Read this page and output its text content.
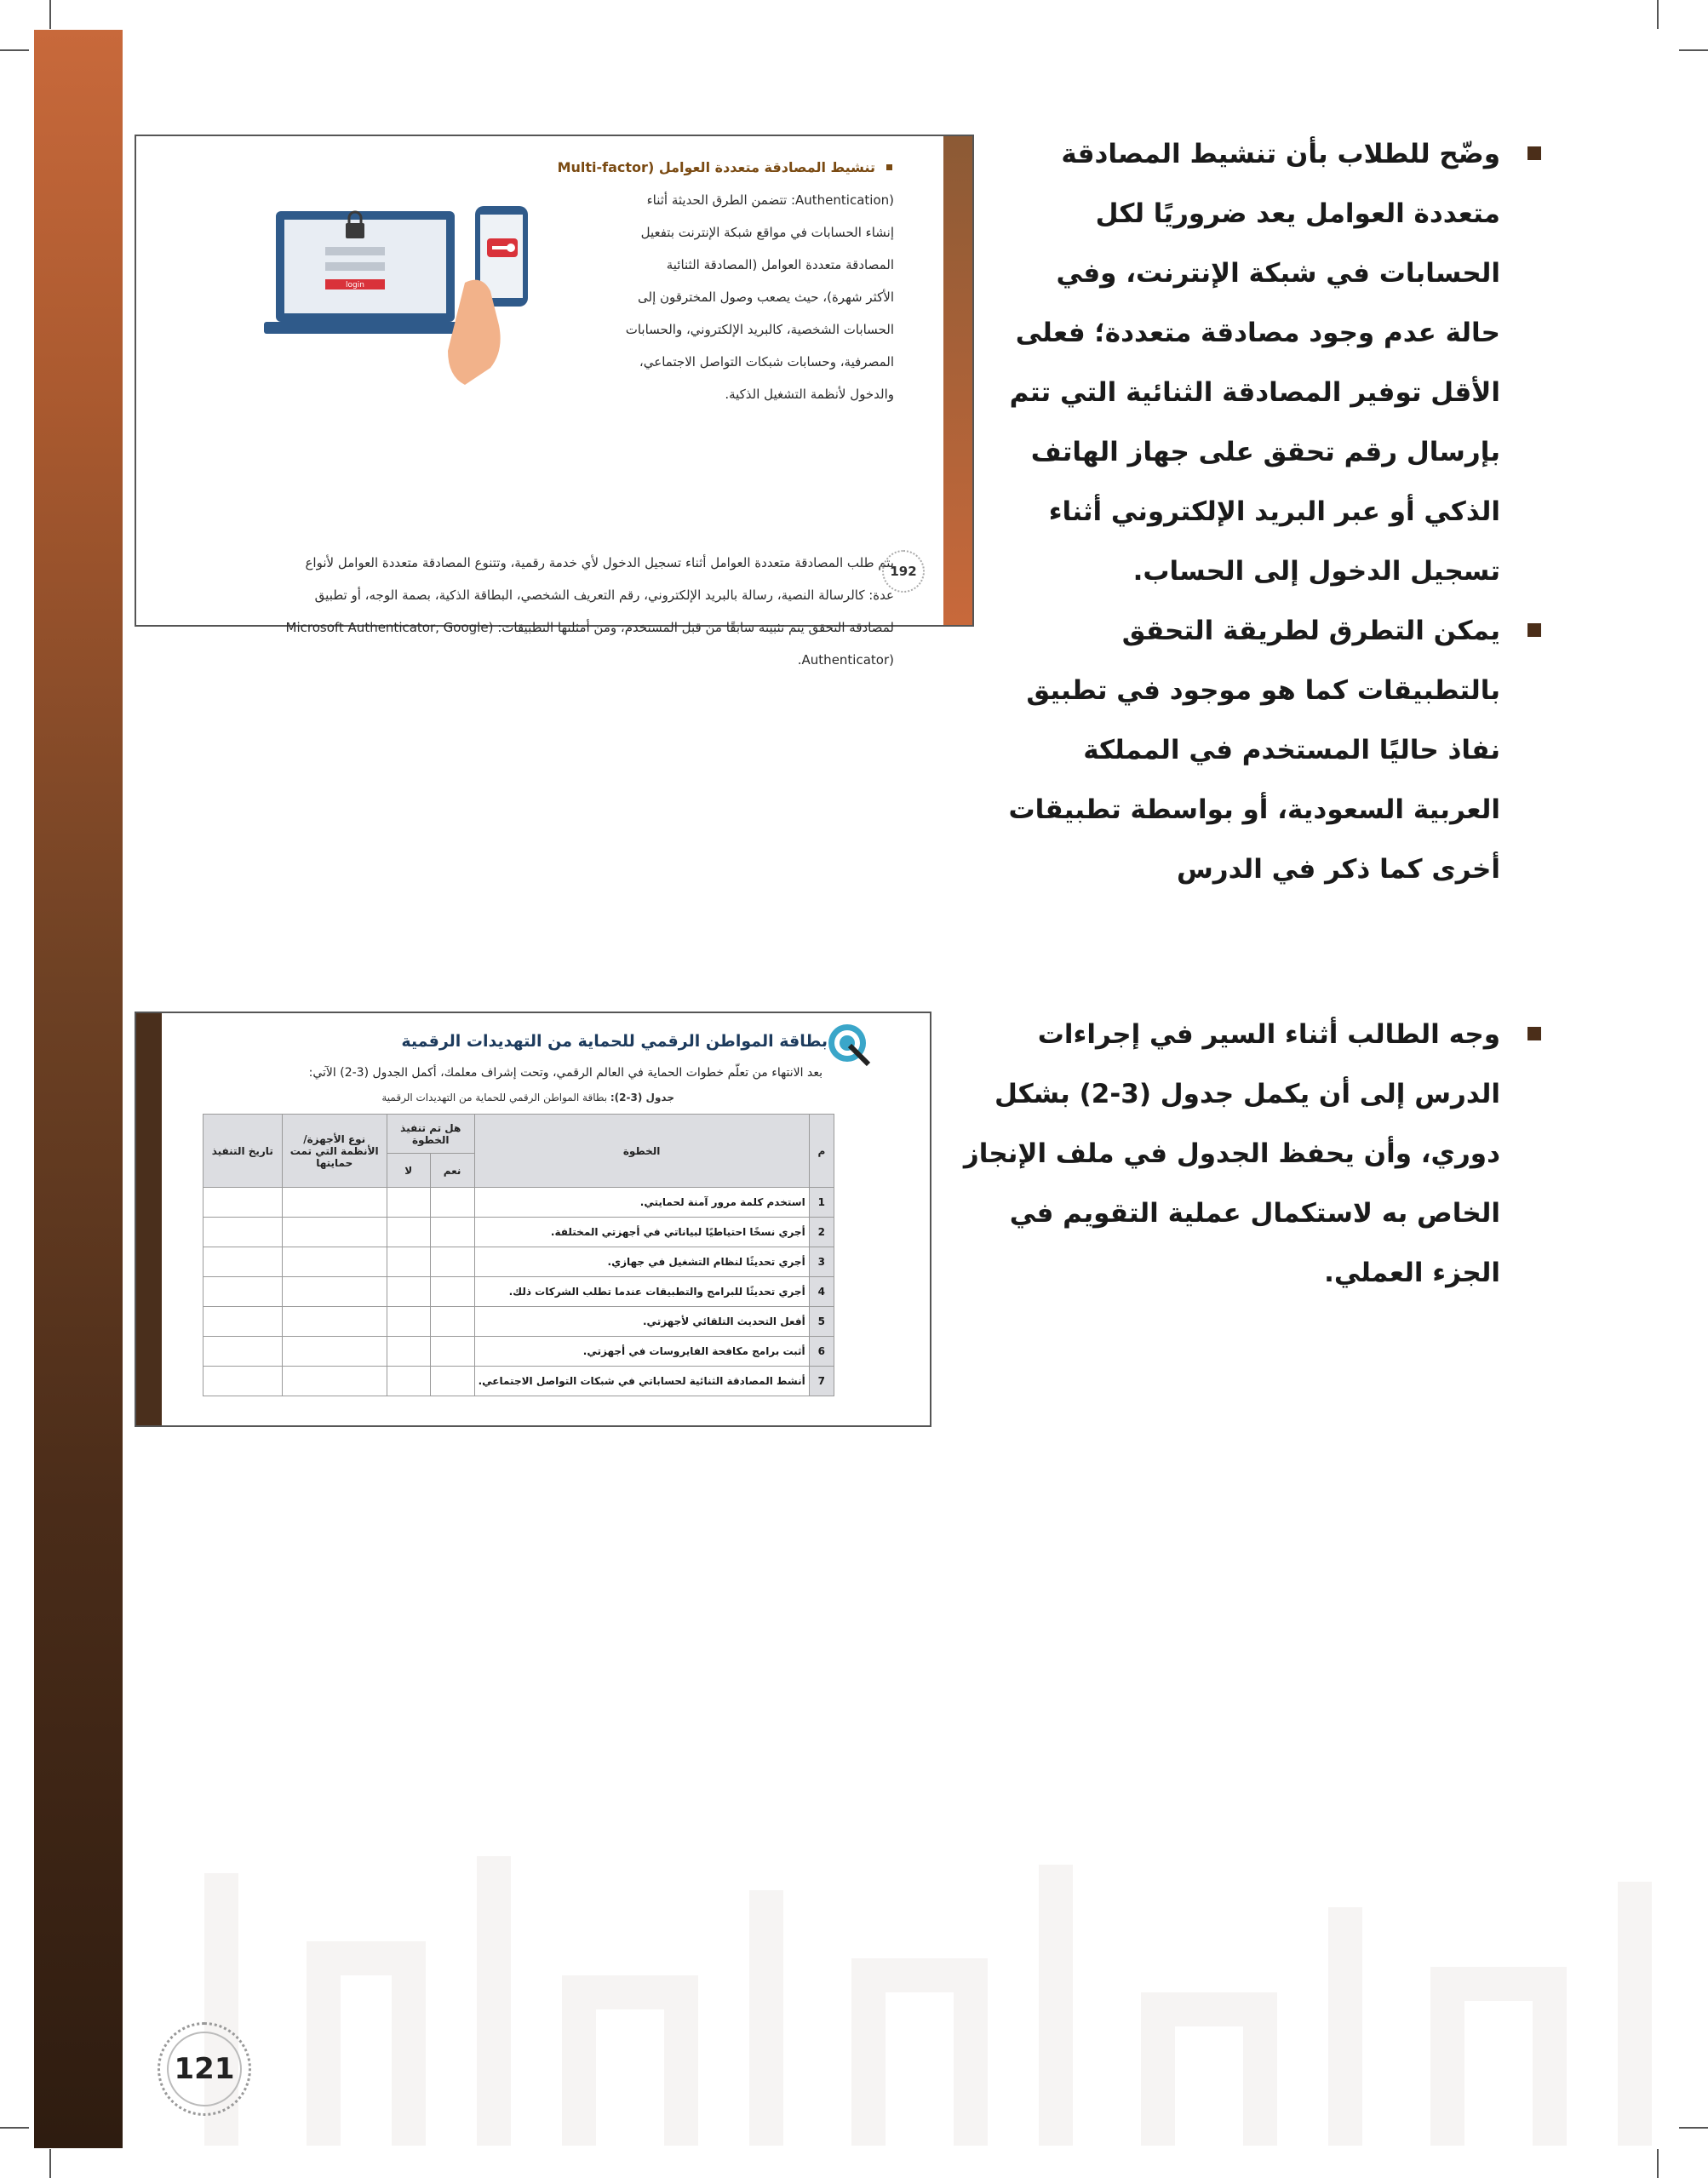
وضّح للطلاب بأن تنشيط المصادقة متعددة العوامل يعد ضروريًا لكل الحسابات في شبكة الإنترنت، وفي حالة عدم وجود مصادقة متعددة؛ فعلى الأقل توفير المصادقة الثنائية التي تتم بإرسال رقم تحقق على جهاز الهاتف الذكي أو عبر البريد الإلكتروني أثناء تسجيل الدخول إلى الحساب.

يمكن التطرق لطريقة التحقق بالتطبيقات كما هو موجود في تطبيق نفاذ حاليًا المستخدم في المملكة العربية السعودية، أو بواسطة تطبيقات أخرى كما ذكر في الدرس

وجه الطالب أثناء السير في إجراءات الدرس إلى أن يكمل جدول (3-2) بشكل دوري، وأن يحفظ الجدول في ملف الإنجاز الخاص به لاستكمال عملية التقويم في الجزء العملي.

تنشيط المصادقة متعددة العوامل (Multi-factor
(Authentication: تتضمن الطرق الحديثة أثناء
إنشاء الحسابات في مواقع شبكة الإنترنت بتفعيل
المصادقة متعددة العوامل (المصادقة الثنائية
الأكثر شهرة)، حيث يصعب وصول المخترقون إلى
الحسابات الشخصية، كالبريد الإلكتروني، والحسابات
المصرفية، وحسابات شبكات التواصل الاجتماعي،
والدخول لأنظمة التشغيل الذكية.
login
يتم طلب المصادقة متعددة العوامل أثناء تسجيل الدخول لأي خدمة رقمية، وتتنوع المصادقة متعددة العوامل لأنواع
عدة: كالرسالة النصية، رسالة بالبريد الإلكتروني، رقم التعريف الشخصي، البطاقة الذكية، بصمة الوجه، أو تطبيق
لمصادقة التحقق يتم تثبيته سابقًا من قبل المستخدم، ومن أمثلتها التطبيقات: (Microsoft Authenticator, Google
(Authenticator.
192
بطاقة المواطن الرقمي للحماية من التهديدات الرقمية
بعد الانتهاء من تعلّم خطوات الحماية في العالم الرقمي، وتحت إشراف معلمك، أكمل الجدول (3-2) الآتي:
جدول (3-2): بطاقة المواطن الرقمي للحماية من التهديدات الرقمية
م	الخطوة	هل تم تنفيذ الخطوة		نوع الأجهزة/ الأنظمة التي تمت حمايتها	تاريخ التنفيذ
		نعم	لا		
1	استخدم كلمة مرور آمنة لحمايتي.				
2	أجري نسخًا احتياطيًا لبياناتي في أجهزتي المختلفة.				
3	أجري تحديثًا لنظام التشغيل في جهازي.				
4	أجري تحديثًا للبرامج والتطبيقات عندما تطلب الشركات ذلك.				
5	أفعل التحديث التلقائي لأجهزتي.				
6	أثبت برامج مكافحة الفايروسات في أجهزتي.				
7	أنشط المصادقة الثنائية لحساباتي في شبكات التواصل الاجتماعي.				
121
